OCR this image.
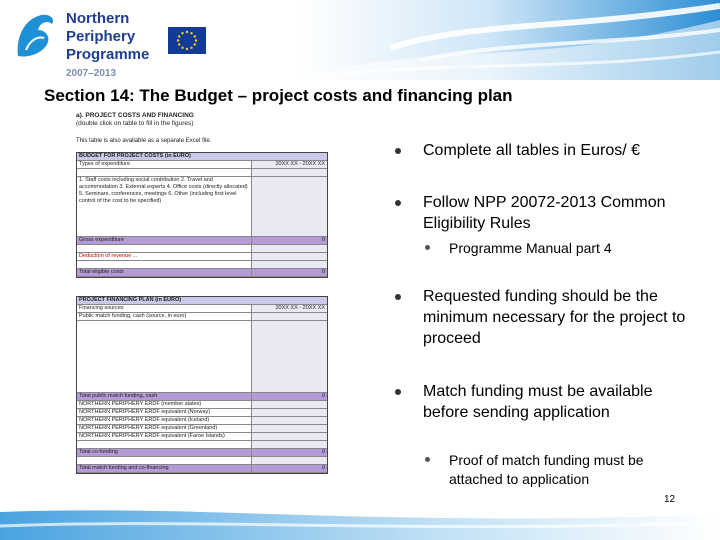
Northern
Periphery
Programme
2007–2013
Section 14: The Budget – project costs and financing plan
a). PROJECT COSTS AND FINANCING
(double click on table to fill in the figures)
This table is also available as a separate Excel file.
BUDGET FOR PROJECT COSTS (in EURO)
Types of expenditure	20XX XX - 20XX XX
1. Staff costs including social contribution 2. Travel and accommodation 3. External experts 4. Office costs (directly allocated) 5. Seminars, conferences, meetings 6. Other (including first level control of the cost to be specified)
Gross expenditure	0
Deduction of revenue ...
Total eligible costs	0
PROJECT FINANCING PLAN (in EURO)
Financing sources	20XX XX - 20XX XX
Public match funding, cash (source, in euro)
Total public match funding, cash	0
NORTHERN PERIPHERY ERDF (member states)
NORTHERN PERIPHERY ERDF equivalent (Norway)
NORTHERN PERIPHERY ERDF equivalent (Iceland)
NORTHERN PERIPHERY ERDF equivalent (Greenland)
NORTHERN PERIPHERY ERDF equivalent (Faroe Islands)
Total co-funding	0
Total match funding and co-financing	0
Complete all tables in Euros/ €
Follow NPP 20072-2013 Common Eligibility Rules
Programme Manual part 4
Requested funding should be the minimum necessary for the project to proceed
Match funding must be available before sending application
Proof of match funding must be attached to application
12
